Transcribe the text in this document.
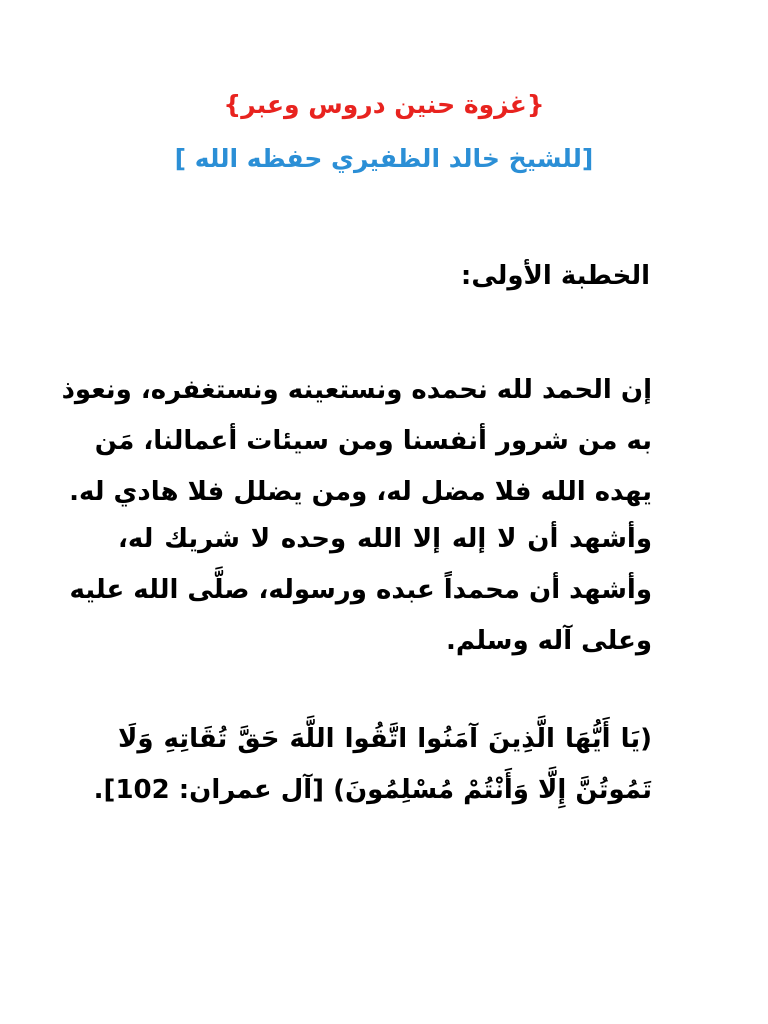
{غزوة حنين دروس وعبر}
[للشيخ خالد الظفيري حفظه الله ]
الخطبة الأولى:
إن الحمد لله نحمده ونستعينه ونستغفره، ونعوذ
به من شرور أنفسنا ومن سيئات أعمالنا، مَن
يهده الله فلا مضل له، ومن يضلل فلا هادي له.
وأشهد أن لا إله إلا الله وحده لا شريك له،
وأشهد أن محمداً عبده ورسوله، صلَّى الله عليه
وعلى آله وسلم.
(يَا أَيُّهَا الَّذِينَ آمَنُوا اتَّقُوا اللَّهَ حَقَّ تُقَاتِهِ وَلَا
تَمُوتُنَّ إِلَّا وَأَنْتُمْ مُسْلِمُونَ) [آل عمران: 102].
